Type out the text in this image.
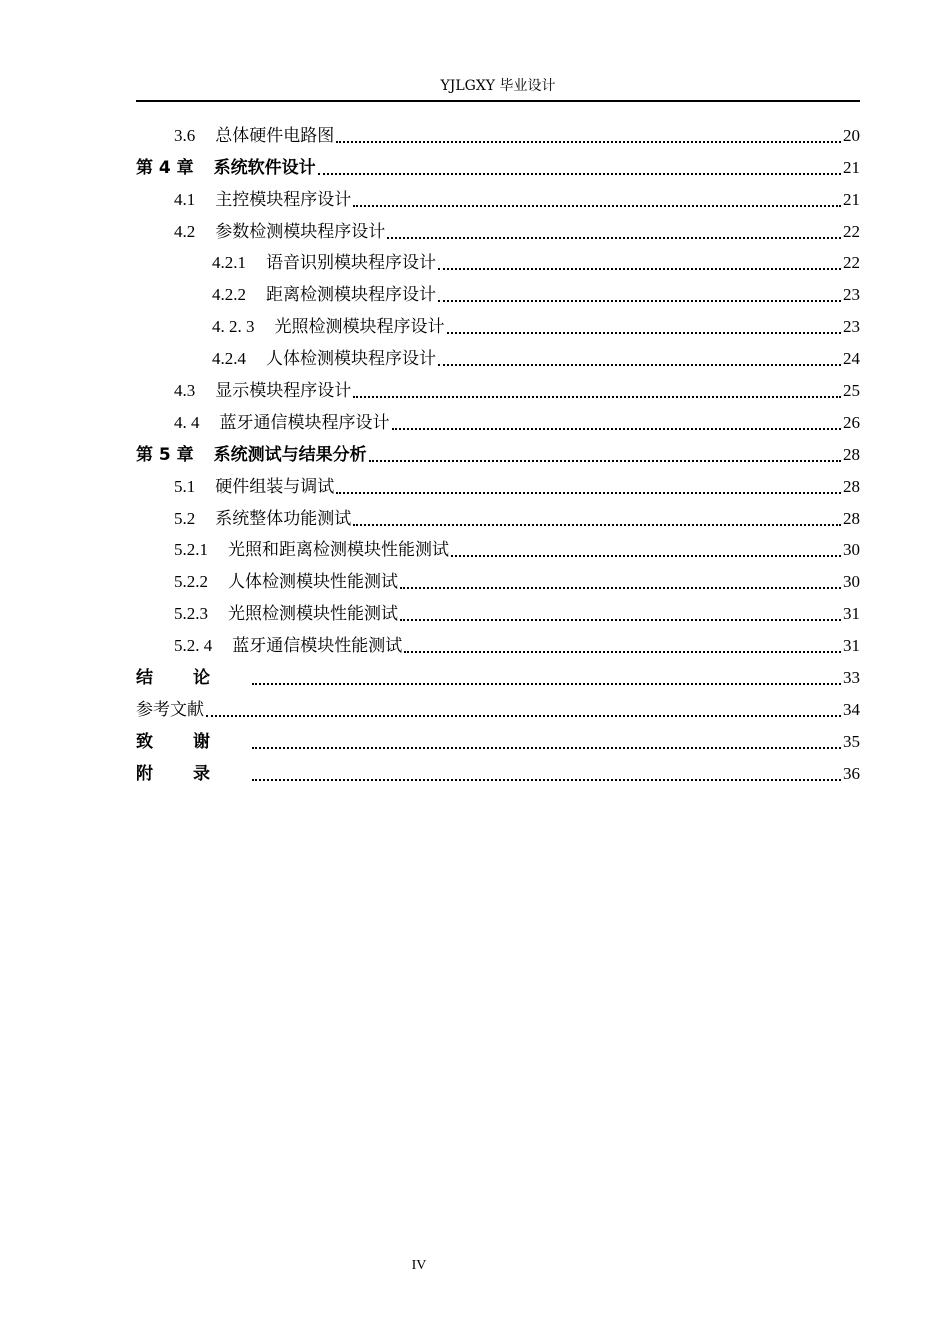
YJLGXY 毕业设计
3.6 总体硬件电路图	20
第 4 章 系统软件设计	21
4.1 主控模块程序设计	21
4.2 参数检测模块程序设计	22
4.2.1 语音识别模块程序设计	22
4.2.2 距离检测模块程序设计	23
4. 2. 3 光照检测模块程序设计	23
4.2.4 人体检测模块程序设计	24
4.3 显示模块程序设计	25
4. 4 蓝牙通信模块程序设计	26
第 5 章 系统测试与结果分析	28
5.1 硬件组装与调试	28
5.2 系统整体功能测试	28
5.2.1 光照和距离检测模块性能测试	30
5.2.2 人体检测模块性能测试	30
5.2.3 光照检测模块性能测试	31
5.2. 4 蓝牙通信模块性能测试	31
结论	33
参考文献	34
致谢	35
附录	36
IV
